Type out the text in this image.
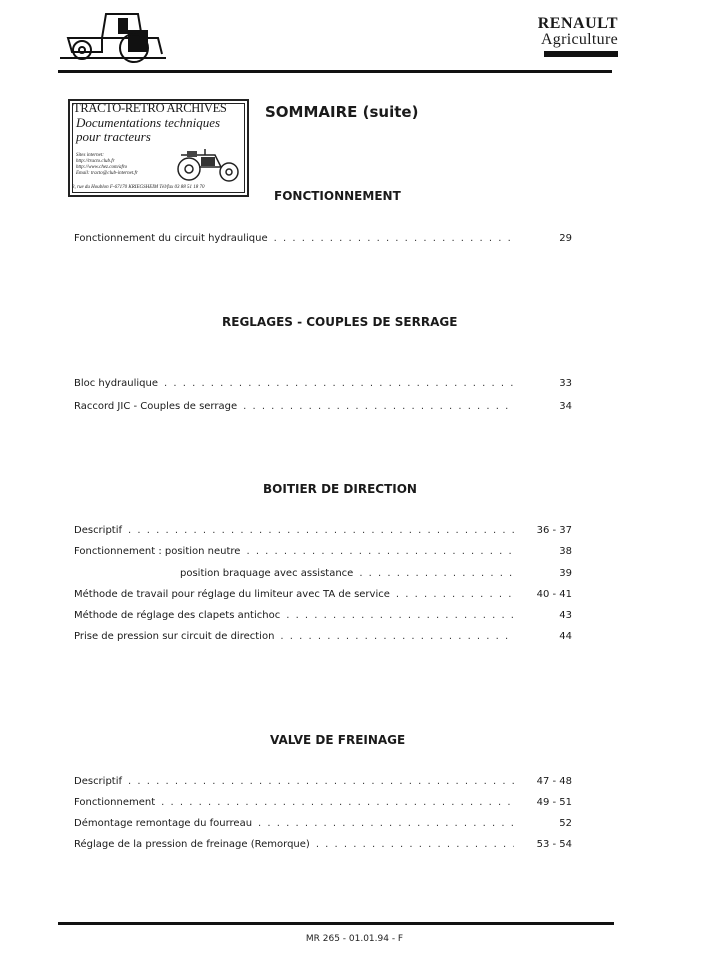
RENAULT
Agriculture
TRACTO-RETRO ARCHIVES
Documentations techniques
pour tracteurs
Sites internet:
http://tracto.club.fr
http://www.chez.com/afro
Email: tracto@club-internet.fr
3, rue du Houblon F-67170 KRIEGSHEIM Tél/fax 03 88 51 18 70
SOMMAIRE (suite)
FONCTIONNEMENT
Fonctionnement du circuit hydraulique . . .	29
REGLAGES - COUPLES DE SERRAGE
Bloc hydraulique . . .	33
Raccord JIC - Couples de serrage . . .	34
BOITIER DE DIRECTION
Descriptif . . .	36 - 37
Fonctionnement : position neutre . . .	38
position braquage avec assistance . . .	39
Méthode de travail pour réglage du limiteur avec TA de service . . .	40 - 41
Méthode de réglage des clapets antichoc . . .	43
Prise de pression sur circuit de direction . . .	44
VALVE DE FREINAGE
Descriptif . . .	47 - 48
Fonctionnement . . .	49 - 51
Démontage remontage du fourreau . . .	52
Réglage de la pression de freinage (Remorque) . . .	53 - 54
MR 265 - 01.01.94 - F
